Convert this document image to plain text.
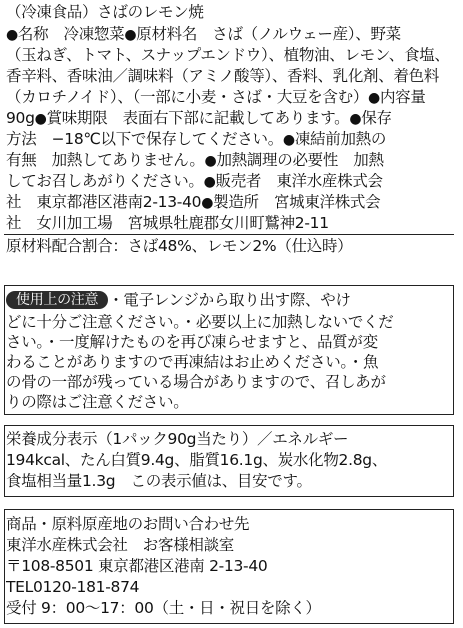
（冷凍食品）さばのレモン焼
●名称　冷凍惣菜●原材料名　さば（ノルウェー産）、野菜
（玉ねぎ、トマト、スナップエンドウ）、植物油、レモン、食塩、
香辛料、香味油／調味料（アミノ酸等）、香料、乳化剤、着色料
（カロチノイド）、（一部に小麦・さば・大豆を含む）●内容量
90g●賞味期限　表面右下部に記載してあります。●保存
方法　−18℃以下で保存してください。●凍結前加熱の
有無　加熱してありません。●加熱調理の必要性　加熱
してお召しあがりください。●販売者　東洋水産株式会
社　東京都港区港南2-13-40●製造所　宮城東洋株式会
社　女川加工場　宮城県牡鹿郡女川町鷲神2-11
原材料配合割合：さば48%、レモン2%（仕込時）
使用上の注意 ・電子レンジから取り出す際、やけ
どに十分ご注意ください。・必要以上に加熱しないでくだ
さい。・一度解けたものを再び凍らせますと、品質が変
わることがありますので再凍結はお止めください。・魚
の骨の一部が残っている場合がありますので、召しあが
りの際はご注意ください。
栄養成分表示（1パック90g当たり）／エネルギー
194kcal、たん白質9.4g、脂質16.1g、炭水化物2.8g、
食塩相当量1.3g　この表示値は、目安です。
商品・原料原産地のお問い合わせ先
東洋水産株式会社　お客様相談室
〒108-8501 東京都港区港南 2-13-40
TEL0120-181-874
受付 9：00〜17：00（土・日・祝日を除く）
